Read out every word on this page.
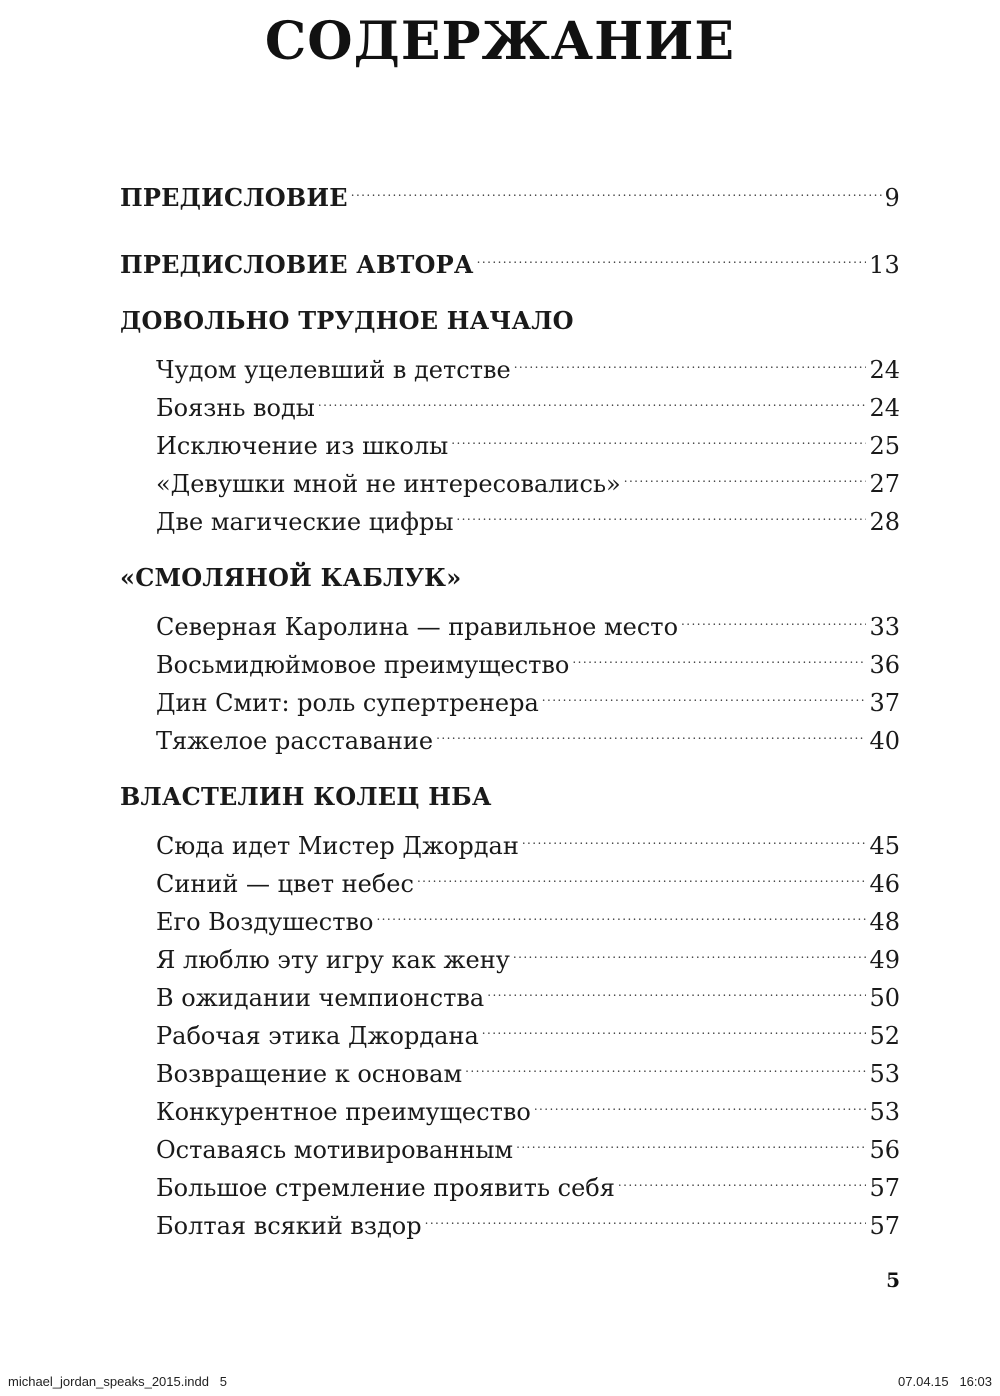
СОДЕРЖАНИЕ
ПРЕДИСЛОВИЕ . . .	9
ПРЕДИСЛОВИЕ АВТОРА . . .	13
ДОВОЛЬНО ТРУДНОЕ НАЧАЛО
Чудом уцелевший в детстве . . .	24
Боязнь воды . . .	24
Исключение из школы . . .	25
«Девушки мной не интересовались» . . .	27
Две магические цифры . . .	28
«СМОЛЯНОЙ КАБЛУК»
Северная Каролина — правильное место . . .	33
Восьмидюймовое преимущество . . .	36
Дин Смит: роль супертренера . . .	37
Тяжелое расставание . . .	40
ВЛАСТЕЛИН КОЛЕЦ НБА
Сюда идет Мистер Джордан . . .	45
Синий — цвет небес . . .	46
Его Воздушество . . .	48
Я люблю эту игру как жену . . .	49
В ожидании чемпионства . . .	50
Рабочая этика Джордана . . .	52
Возвращение к основам . . .	53
Конкурентное преимущество . . .	53
Оставаясь мотивированным . . .	56
Большое стремление проявить себя . . .	57
Болтая всякий вздор . . .	57
5
michael_jordan_speaks_2015.indd   5	07.04.15   16:03
